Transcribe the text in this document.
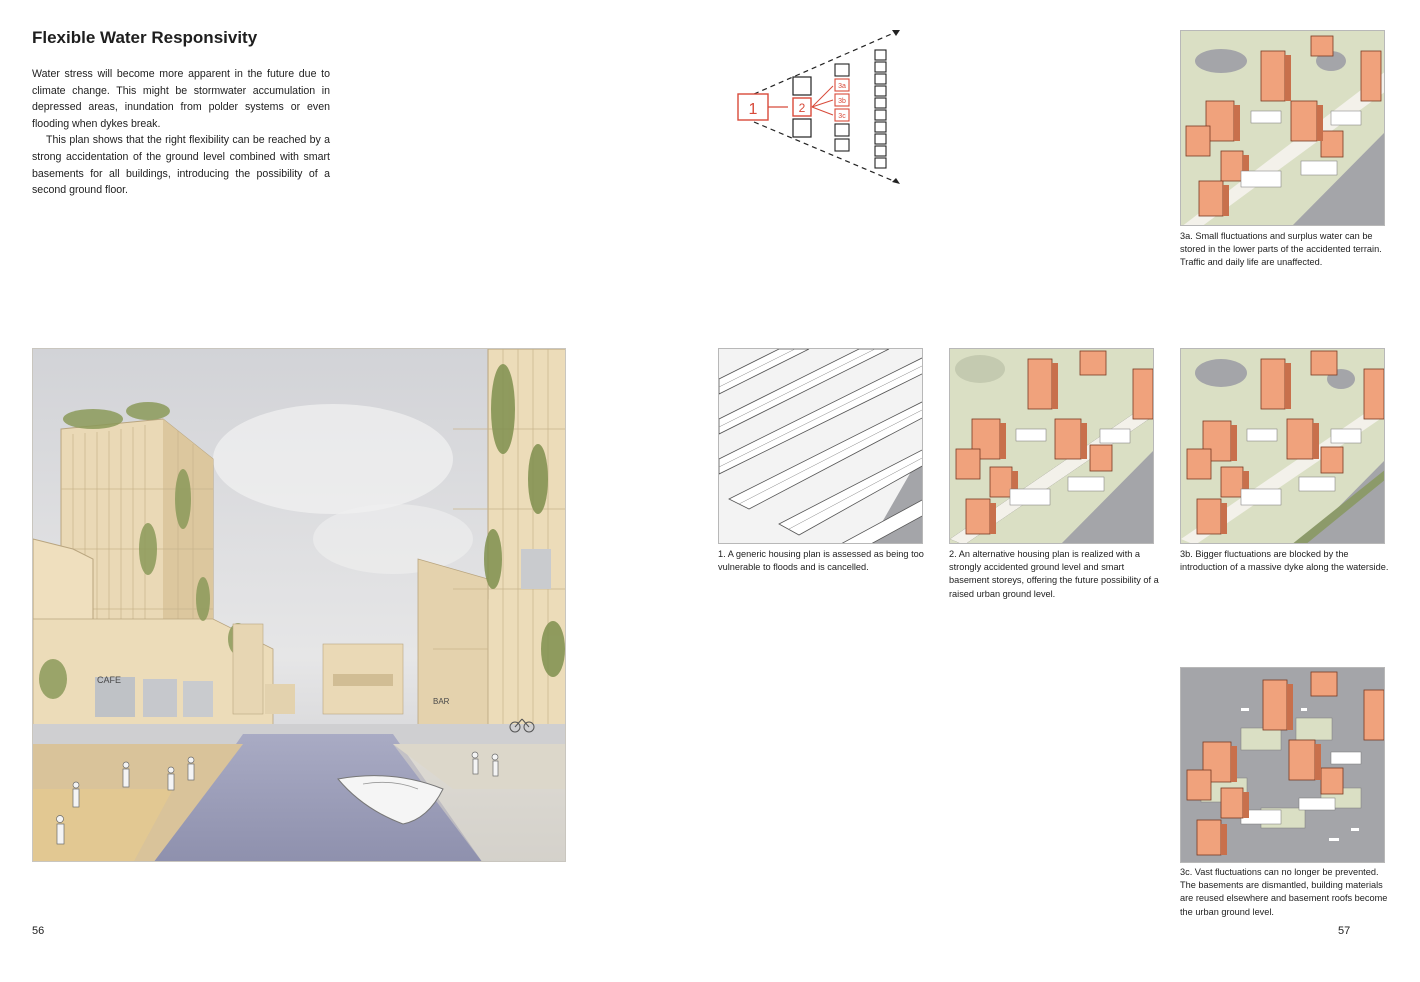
Flexible Water Responsivity

Water stress will become more apparent in the future due to climate change. This might be stormwater accumulation in depressed areas, inundation from polder systems or even flooding when dykes break.

This plan shows that the right flexibility can be reached by a strong accidentation of the ground level combined with smart basements for all buildings, introducing the possibility of a second ground floor.

CAFE
BAR

56

1	2
3a
3b
3c

3a. Small fluctuations and surplus water can be stored in the lower parts of the accidented terrain. Traffic and daily life are unaffected.

1. A generic housing plan is assessed as being too vulnerable to floods and is cancelled.

2. An alternative housing plan is realized with a strongly accidented ground level and smart basement storeys, offering the future possibility of a raised urban ground level.

3b. Bigger fluctuations are blocked by the introduction of a massive dyke along the waterside.

3c. Vast fluctuations can no longer be prevented. The basements are dismantled, building materials are reused elsewhere and basement roofs become the urban ground level.

57
